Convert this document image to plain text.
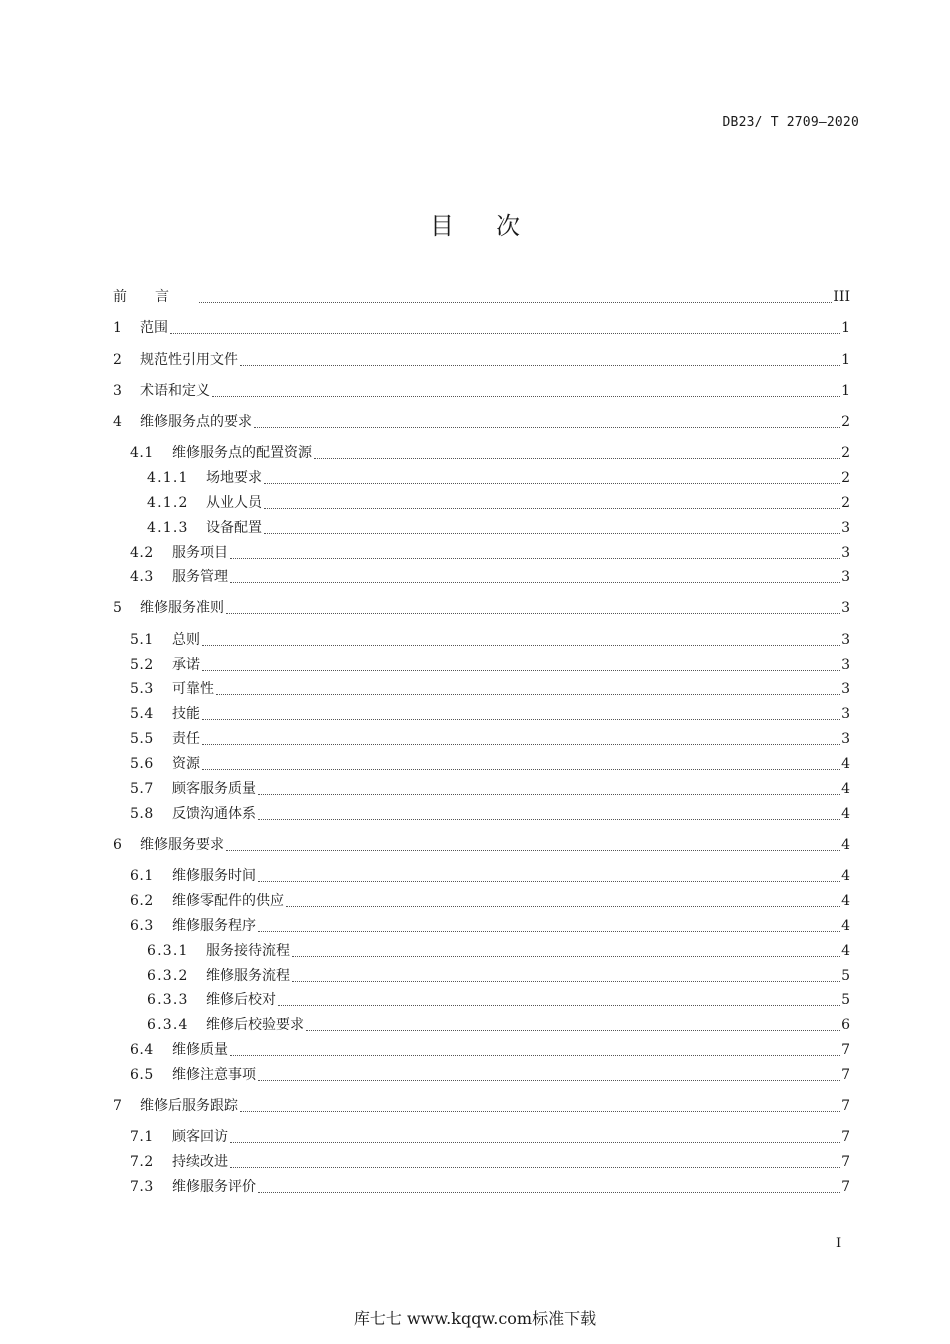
DB23/ T 2709—2020
目 次
前言	III
1	范围	1
2	规范性引用文件	1
3	术语和定义	1
4	维修服务点的要求	2
4.1	维修服务点的配置资源	2
4.1.1	场地要求	2
4.1.2	从业人员	2
4.1.3	设备配置	3
4.2	服务项目	3
4.3	服务管理	3
5	维修服务准则	3
5.1	总则	3
5.2	承诺	3
5.3	可靠性	3
5.4	技能	3
5.5	责任	3
5.6	资源	4
5.7	顾客服务质量	4
5.8	反馈沟通体系	4
6	维修服务要求	4
6.1	维修服务时间	4
6.2	维修零配件的供应	4
6.3	维修服务程序	4
6.3.1	服务接待流程	4
6.3.2	维修服务流程	5
6.3.3	维修后校对	5
6.3.4	维修后校验要求	6
6.4	维修质量	7
6.5	维修注意事项	7
7	维修后服务跟踪	7
7.1	顾客回访	7
7.2	持续改进	7
7.3	维修服务评价	7
I
库七七 www.kqqw.com标准下载
